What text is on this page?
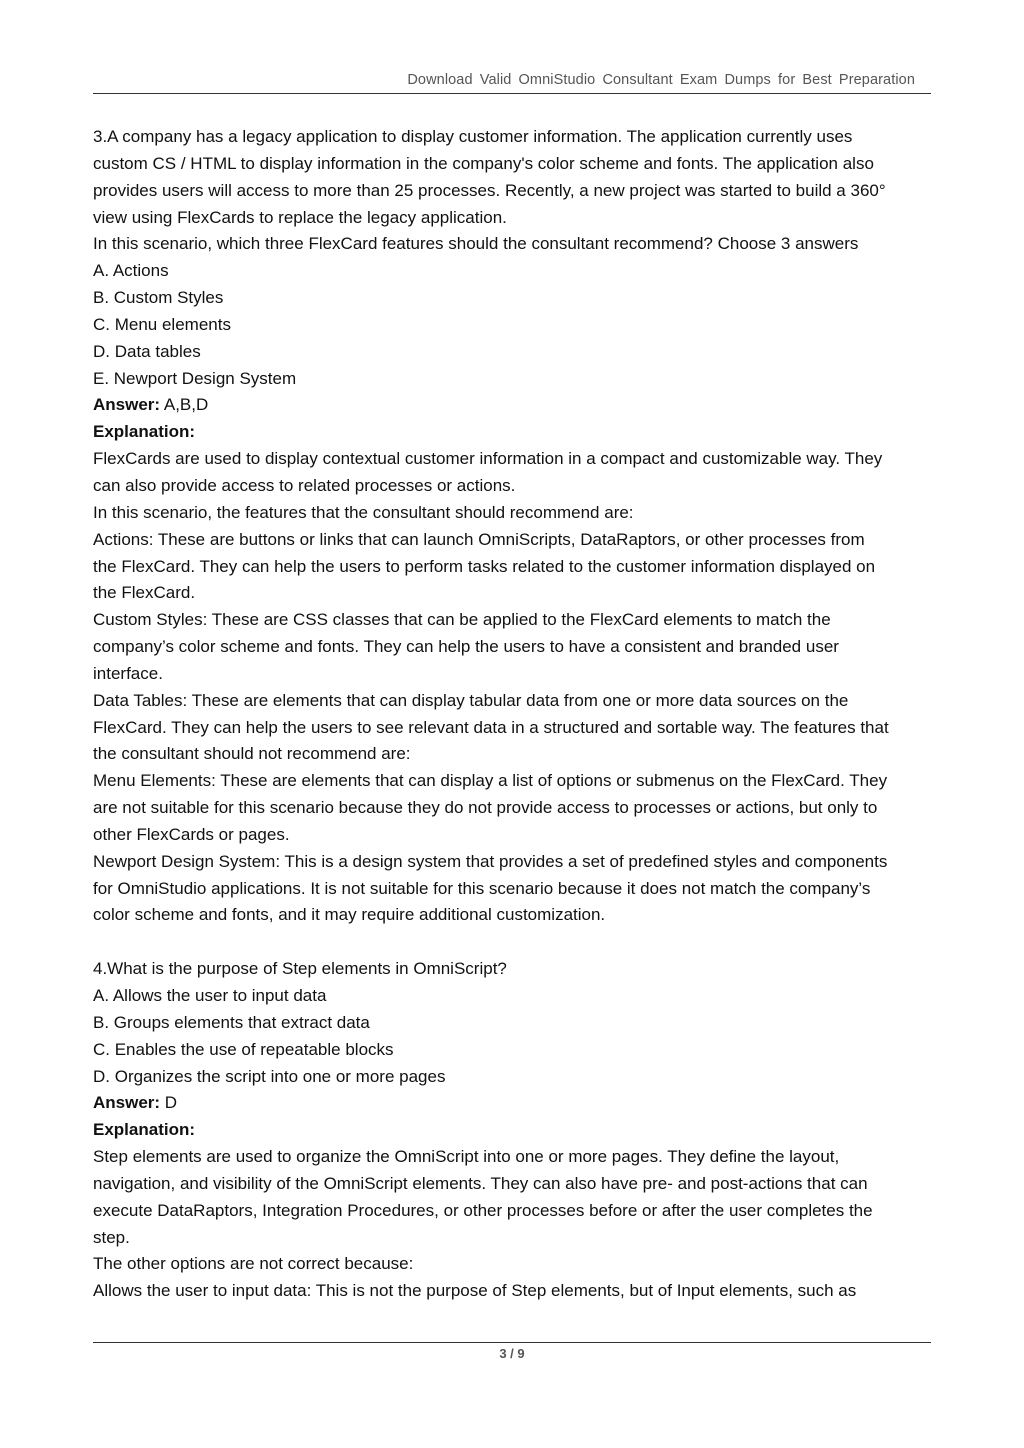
Download Valid OmniStudio Consultant Exam Dumps for Best Preparation

3.A company has a legacy application to display customer information. The application currently uses

custom CS / HTML to display information in the company's color scheme and fonts. The application also

provides users will access to more than 25 processes. Recently, a new project was started to build a 360°

view using FlexCards to replace the legacy application.

In this scenario, which three FlexCard features should the consultant recommend? Choose 3 answers

A. Actions

B. Custom Styles

C. Menu elements

D. Data tables

E. Newport Design System

Answer: A,B,D

Explanation:

FlexCards are used to display contextual customer information in a compact and customizable way. They

can also provide access to related processes or actions.

In this scenario, the features that the consultant should recommend are:

Actions: These are buttons or links that can launch OmniScripts, DataRaptors, or other processes from

the FlexCard. They can help the users to perform tasks related to the customer information displayed on

the FlexCard.

Custom Styles: These are CSS classes that can be applied to the FlexCard elements to match the

company’s color scheme and fonts. They can help the users to have a consistent and branded user

interface.

Data Tables: These are elements that can display tabular data from one or more data sources on the

FlexCard. They can help the users to see relevant data in a structured and sortable way. The features that

the consultant should not recommend are:

Menu Elements: These are elements that can display a list of options or submenus on the FlexCard. They

are not suitable for this scenario because they do not provide access to processes or actions, but only to

other FlexCards or pages.

Newport Design System: This is a design system that provides a set of predefined styles and components

for OmniStudio applications. It is not suitable for this scenario because it does not match the company’s

color scheme and fonts, and it may require additional customization.

4.What is the purpose of Step elements in OmniScript?

A. Allows the user to input data

B. Groups elements that extract data

C. Enables the use of repeatable blocks

D. Organizes the script into one or more pages

Answer: D

Explanation:

Step elements are used to organize the OmniScript into one or more pages. They define the layout,

navigation, and visibility of the OmniScript elements. They can also have pre- and post-actions that can

execute DataRaptors, Integration Procedures, or other processes before or after the user completes the

step.

The other options are not correct because:

Allows the user to input data: This is not the purpose of Step elements, but of Input elements, such as

3 / 9
